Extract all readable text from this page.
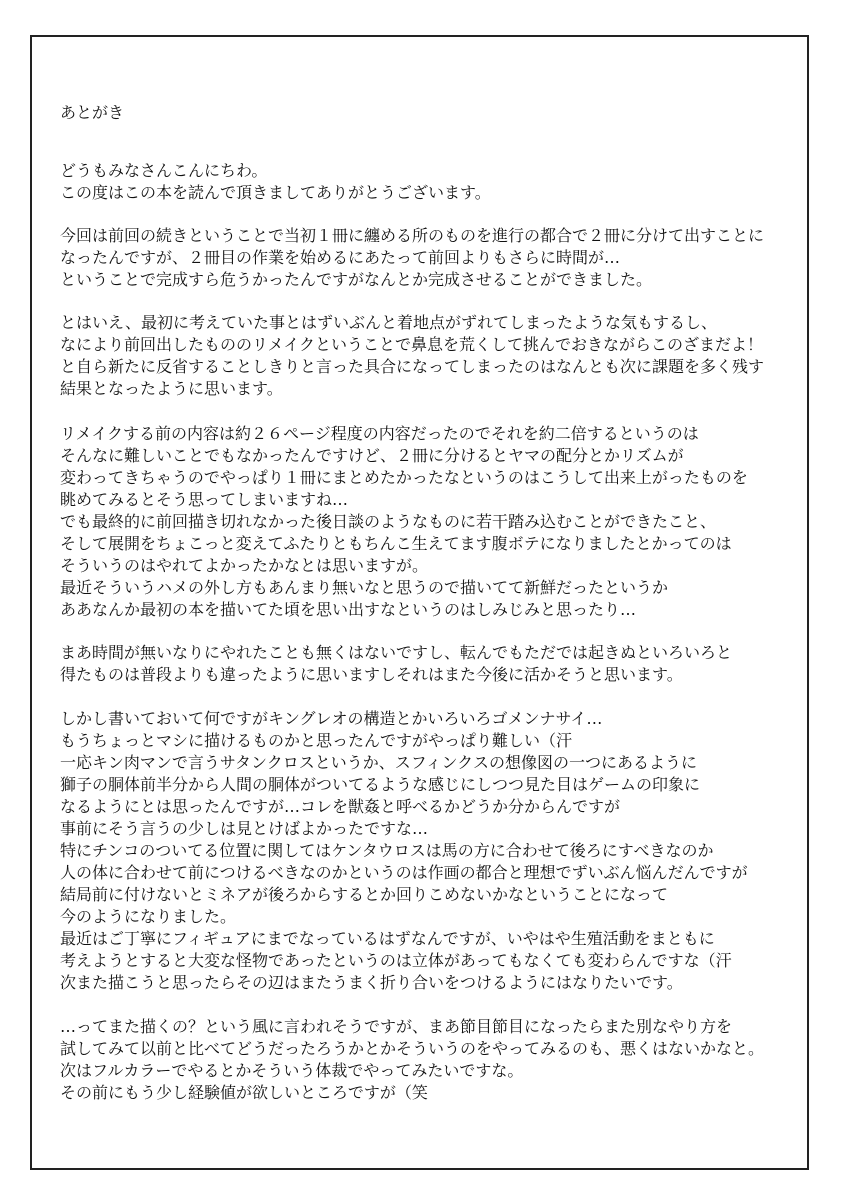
あとがき
どうもみなさんこんにちわ。
この度はこの本を読んで頂きましてありがとうございます。
今回は前回の続きということで当初１冊に纏める所のものを進行の都合で２冊に分けて出すことに
なったんですが、２冊目の作業を始めるにあたって前回よりもさらに時間が…
ということで完成すら危うかったんですがなんとか完成させることができました。
とはいえ、最初に考えていた事とはずいぶんと着地点がずれてしまったような気もするし、
なにより前回出したもののリメイクということで鼻息を荒くして挑んでおきながらこのざまだよ！
と自ら新たに反省することしきりと言った具合になってしまったのはなんとも次に課題を多く残す
結果となったように思います。
リメイクする前の内容は約２６ページ程度の内容だったのでそれを約二倍するというのは
そんなに難しいことでもなかったんですけど、２冊に分けるとヤマの配分とかリズムが
変わってきちゃうのでやっぱり１冊にまとめたかったなというのはこうして出来上がったものを
眺めてみるとそう思ってしまいますね…
でも最終的に前回描き切れなかった後日談のようなものに若干踏み込むことができたこと、
そして展開をちょこっと変えてふたりともちんこ生えてます腹ボテになりましたとかってのは
そういうのはやれてよかったかなとは思いますが。
最近そういうハメの外し方もあんまり無いなと思うので描いてて新鮮だったというか
ああなんか最初の本を描いてた頃を思い出すなというのはしみじみと思ったり…
まあ時間が無いなりにやれたことも無くはないですし、転んでもただでは起きぬといろいろと
得たものは普段よりも違ったように思いますしそれはまた今後に活かそうと思います。
しかし書いておいて何ですがキングレオの構造とかいろいろゴメンナサイ…
もうちょっとマシに描けるものかと思ったんですがやっぱり難しい（汗
一応キン肉マンで言うサタンクロスというか、スフィンクスの想像図の一つにあるように
獅子の胴体前半分から人間の胴体がついてるような感じにしつつ見た目はゲームの印象に
なるようにとは思ったんですが…コレを獣姦と呼べるかどうか分からんですが
事前にそう言うの少しは見とけばよかったですな…
特にチンコのついてる位置に関してはケンタウロスは馬の方に合わせて後ろにすべきなのか
人の体に合わせて前につけるべきなのかというのは作画の都合と理想でずいぶん悩んだんですが
結局前に付けないとミネアが後ろからするとか回りこめないかなということになって
今のようになりました。
最近はご丁寧にフィギュアにまでなっているはずなんですが、いやはや生殖活動をまともに
考えようとすると大変な怪物であったというのは立体があってもなくても変わらんですな（汗
次また描こうと思ったらその辺はまたうまく折り合いをつけるようにはなりたいです。
…ってまた描くの？という風に言われそうですが、まあ節目節目になったらまた別なやり方を
試してみて以前と比べてどうだったろうかとかそういうのをやってみるのも、悪くはないかなと。
次はフルカラーでやるとかそういう体裁でやってみたいですな。
その前にもう少し経験値が欲しいところですが（笑
